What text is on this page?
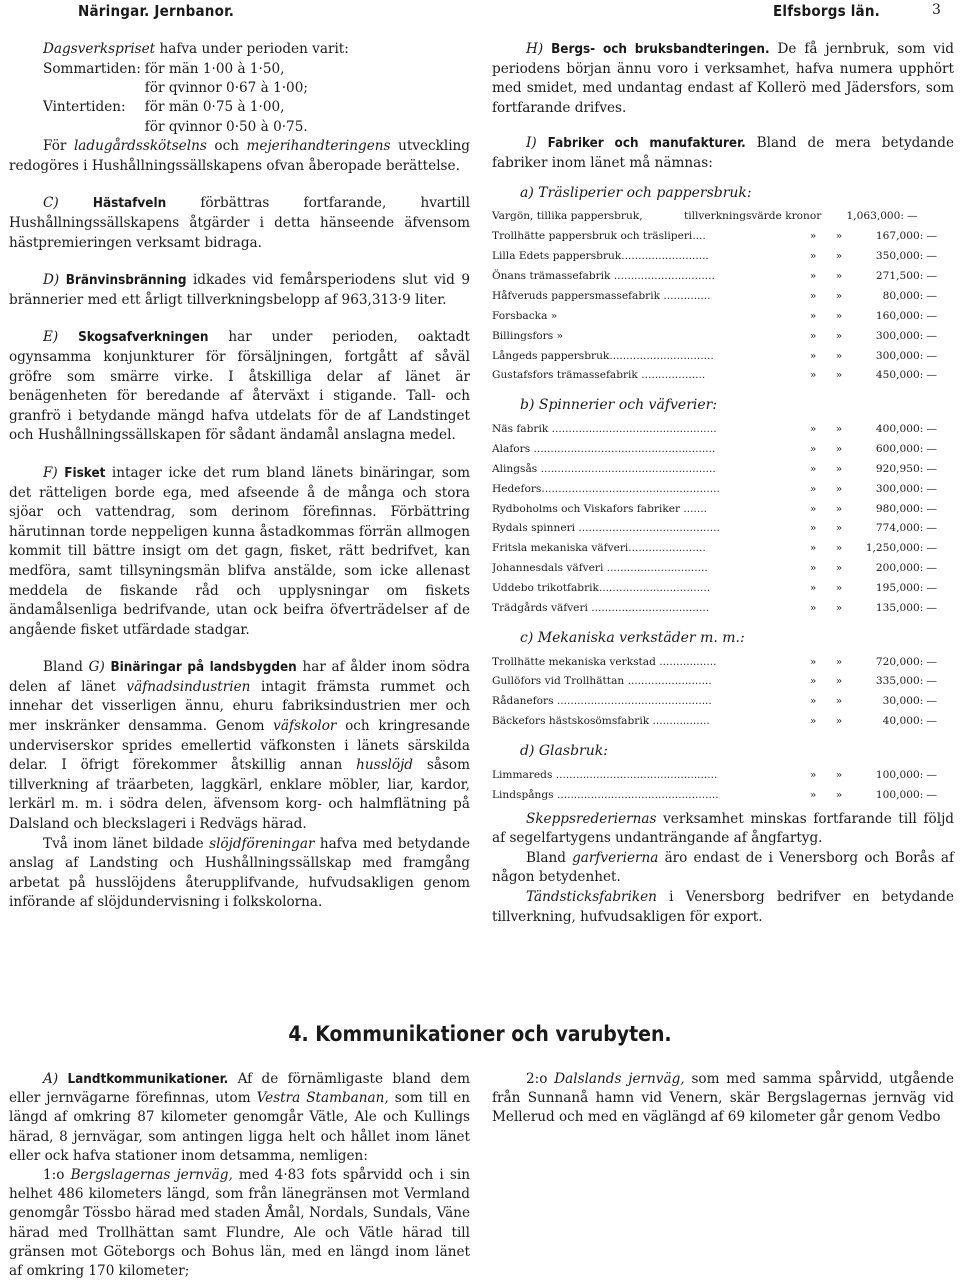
Näringar. Jernbanor.	Elfsborgs län.	3

Dagsverkspriset hafva under perioden varit:

Sommartiden:	för män 1·00 à 1·50,
	för qvinnor 0·67 à 1·00;
Vintertiden:	för män 0·75 à 1·00,
	för qvinnor 0·50 à 0·75.

För ladugårdsskötselns och mejerihandteringens utveckling redogöres i Hushållningssällskapens ofvan åberopade berättelse.

C)	Hästafveln	förbättras fortfarande, hvartill Hushållningssällskapens åtgärder i detta hänseende äfvensom hästpremieringen verksamt bidraga.

D) Bränvinsbränning idkades vid femårsperiodens slut vid 9 brännerier med ett årligt tillverkningsbelopp af 963,313·9 liter.

E) Skogsafverkningen har under perioden, oaktadt ogynsamma konjunkturer för försäljningen, fortgått af såväl gröfre som smärre virke. I åtskilliga delar af länet är benägenheten för beredande af återväxt i stigande. Tall- och granfrö i betydande mängd hafva utdelats för de af Landstinget och Hushållningssällskapen för sådant ändamål anslagna medel.

F) Fisket intager icke det rum bland länets binäringar, som det rätteligen borde ega, med afseende å de många och stora sjöar och vattendrag, som derinom förefinnas. Förbättring härutinnan torde neppeligen kunna åstadkommas förrän allmogen kommit till bättre insigt om det gagn, fisket, rätt bedrifvet, kan medföra, samt tillsyningsmän blifva anstälde, som icke allenast meddela de fiskande råd och upplysningar om fiskets ändamålsenliga bedrifvande, utan ock beifra öfverträdelser af de angående fisket utfärdade stadgar.

Bland G) Binäringar på landsbygden har af ålder inom södra delen af länet väfnadsindustrien intagit främsta rummet och innehar det visserligen ännu, ehuru fabriksindustrien mer och mer inskränker densamma. Genom väfskolor och kringresande underviserskor sprides emellertid väfkonsten i länets särskilda delar. I öfrigt förekommer åtskillig annan husslöjd såsom tillverkning af träarbeten, laggkärl, enklare möbler, liar, kardor, lerkärl m. m. i södra delen, äfvensom korg- och halmflätning på Dalsland och bleckslageri i Redvägs härad.

Två inom länet bildade slöjdföreningar hafva med betydande anslag af Landsting och Hushållningssällskap med framgång arbetat på husslöjdens återupplifvande, hufvudsakligen genom införande af slöjdundervisning i folkskolorna.

H) Bergs- och bruksbandteringen. De få jernbruk, som vid periodens början ännu voro i verksamhet, hafva numera upphört med smidet, med undantag endast af Kollerö med Jädersfors, som fortfarande drifves.

I) Fabriker och manufakturer. Bland de mera betydande fabriker inom länet må nämnas:

a) Träsliperier och pappersbruk:

Vargön, tillika pappersbruk,	tillverkningsvärde kronor	1,063,000: —
Trollhätte pappersbruk och träsliperi....	»	»	167,000: —
Lilla Edets pappersbruk..........................	»	»	350,000: —
Önans trämassefabrik ..............................	»	»	271,500: —
Håfveruds pappersmassefabrik ..............	»	»	80,000: —
Forsbacka »	»	»	160,000: —
Billingsfors »	»	»	300,000: —
Långeds pappersbruk...............................	»	»	300,000: —
Gustafsfors trämassefabrik ...................	»	»	450,000: —

b) Spinnerier och väfverier:

Näs fabrik .................................................	»	»	400,000: —
Alafors ......................................................	»	»	600,000: —
Alingsås ....................................................	»	»	920,950: —
Hedefors.....................................................	»	»	300,000: —
Rydboholms och Viskafors fabriker .......	»	»	980,000: —
Rydals spinneri ..........................................	»	»	774,000: —
Fritsla mekaniska väfveri.......................	»	»	1,250,000: —
Johannesdals väfveri ..............................	»	»	200,000: —
Uddebo trikotfabrik.................................	»	»	195,000: —
Trädgårds väfveri ...................................	»	»	135,000: —

c) Mekaniska verkstäder m. m.:

Trollhätte mekaniska verkstad .................	»	»	720,000: —
Gullöfors vid Trollhättan .........................	»	»	335,000: —
Rådanefors ..............................................	»	»	30,000: —
Bäckefors hästskosömsfabrik .................	»	»	40,000: —

d) Glasbruk:

Limmareds ................................................	»	»	100,000: —
Lindspångs ................................................	»	»	100,000: —

Skeppsrederiernas verksamhet minskas fortfarande till följd af segelfartygens undanträngande af ångfartyg.

Bland garfverierna äro endast de i Venersborg och Borås af någon betydenhet.

Tändsticksfabriken i Venersborg bedrifver en betydande tillverkning, hufvudsakligen för export.

4. Kommunikationer och varubyten.

A) Landtkommunikationer. Af de förnämligaste bland dem eller jernvägarne förefinnas, utom Vestra Stambanan, som till en längd af omkring 87 kilometer genomgår Vätle, Ale och Kullings härad, 8 jernvägar, som antingen ligga helt och hållet inom länet eller ock hafva stationer inom detsamma, nemligen:

1:o Bergslagernas jernväg, med 4·83 fots spårvidd och i sin helhet 486 kilometers längd, som från länegränsen mot Vermland genomgår Tössbo härad med staden Åmål, Nordals, Sundals, Väne härad med Trollhättan samt Flundre, Ale och Vätle härad till gränsen mot Göteborgs och Bohus län, med en längd inom länet af omkring 170 kilometer;

2:o Dalslands jernväg, som med samma spårvidd, utgående från Sunnanå hamn vid Venern, skär Bergslagernas jernväg vid Mellerud och med en väglängd af 69 kilometer går genom Vedbo
